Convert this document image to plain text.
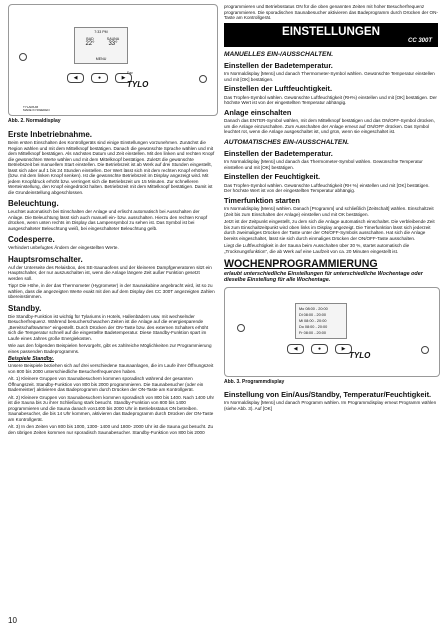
7:33 PM
BAD
22°
SAUNA
33°
MENU
◀	●	▶
Fav
TYLO
TYLARIUM
MADE IN SWEDEN
Abb. 2. Normaldisplay
Erste Inbetriebnahme.

Beim ersten Einschalten des Kontrollgeräts sind einige Einstellungen vorzunehmen. Zunächst die Region wählen und mit dem Mittelknopf bestätigen. Danach die gewünschte Sprache wählen und mit dem Mittelknopf bestätigen. Als nächstes Datum und Zeit einstellen. Mit den linken und rechten Knopf die gewünschten Werte wählen und mit dem Mittelknopf bestätigen. Zuletzt die gewünschte Betriebszeit bei manuellem Start einstellen. Die Betriebszeit ist ab Werk auf drei Stunden eingestellt, lässt sich aber auf 1 bis 24 Stunden einstellen. Der Wert lässt sich mit dem rechten Knopf erhöhen (bzw. mit dem linken Knopf senken). Ist die gewünschte Betriebszeit im Display angezeigt wird. Mit jedem Knopfdruck erhöht bzw. verringert sich die Betriebszeit um 15 Minuten. Zur schnelleren Werteinstellung, den Knopf eingedrückt halten. Betriebszeit mit dem Mittelknopf bestätigen. Damit ist die Grundeinstellung abgeschlossen.

Beleuchtung.

Leuchtet automatisch bei Einschalten der Anlage und erlischt automatisch bei Ausschalten der Anlage. Die Beleuchtung lässt sich auch manuell ein- bzw. ausschalten. Hierzu den rechten Knopf drücken, wenn unten rechts im Display das Lampensymbol zu sehen ist. Das Symbol ist bei ausgeschalteter Beleuchtung weiß, bei eingeschalteter Beleuchtung gelb.

Codesperre.

Verhindert unbefugtes Ändern der eingestellten Werte.

Hauptsromschalter.

Auf der Unterseite des Relaisbox, des SE-Saunaofens und der kleineren Dampfgeneratoren sitzt ein Hauptschalter, der nur auszuschalten ist, wenn die Anlage längere Zeit außer Funktion gesetzt werden soll.

Tipp! Die Höhe, in der das Thermometer (Hygrometer) in der Saunakabine angebracht wird, ist so zu wählen, dass die angezeigten Werte exakt mit den auf dem Display des CC 300T angezeigten Zahlen übereinstimmen.

Standby.

Die Standby-Funktion ist wichtig für Tylariums in Hotels, Hallenbädern usw. mit wechselnder Besucherfrequenz. Während besucherschwachen Zeiten ist die Anlage auf die energiesparende „Bereitschaftswärme“ eingestellt. Durch Drücken der ON-Taste bzw. des externen Schalters erhöht sich die Temperatur schnell auf die eingestellte Badetemperatur. Diese Standby-Funktion spart im Laufe eines Jahres große Energiekosten.

Wie aus den folgenden Beispielen hervorgeht, gibt es zahlreiche Möglichkeiten zur Programmierung eines passenden Badeprogramms.

Beispiele Standby.

Unsere Beispiele beziehen sich auf drei verschiedene Saunaanlagen, die im Laufe ihrer Öffnungszeit von 800 bis 2000 unterschiedliche Besucherfrequenzen haben.

Alt. 1) Kleinere Gruppen von Saunabesuchern kommen sporadisch während der gesamten Öffnungszeit. Standby-Funktion von 800 bis 2000 programmieren. Die Saunabesucher (oder ein Bademeister) aktivieren das Badeprogramm durch Drücken der ON-Taste am Kontrollgerät.

Alt. 2) Kleinere Gruppen von Saunabesuchern kommen sporadisch von 800 bis 1400. Nach 1400 Uhr ist die Sauna bis zu ihrer Schließung stark besucht. Standby-Funktion von 800 bis 1400 programmieren und die Sauna danach von1400 bis 2000 Uhr in Betriebsstatus ON betreiben. Saunabesucher, die bis 14 Uhr kommen, aktivieren das Badeprogramm durch Drücken der ON-Taste am Kontrollgerät.

Alt. 3) In den Zeiten von 800 bis 1000, 1300- 1400 und 1800- 2000 Uhr ist die Sauna gut besucht. Zu den übrigen Zeiten kommen nur sporadisch Saunabesucher. Standby-Funktion von 800 bis 2000

10

programmieren und Betriebsstatus ON für die oben genannten Zeiten mit hoher Besucherfrequenz programmieren. Die sporadischen Saunabesucher aktivieren das Badeprogramm durch Drücken der ON-Taste am Kontrollgerät.

EINSTELLUNGEN
CC 300T
MANUELLES EIN-/AUSSCHALTEN.
Einstellen der Badetemperatur.

Im Normaldisplay [Menü] und danach Thermometer-Symbol wählen. Gewünschte Temperatur einstellen und mit [OK] bestätigen.

Einstellen der Luftfeuchtigkeit.

Das Tropfen-Symbol wählen. Gewünschte Luftfeuchtigkeit (RH%) einstellen und mit [OK] bestätigen. Der höchste Wert ist von der eingestellten Temperatur abhängig.

Anlage einschalten

Danach das ENTER-Symbol wählen, mit dem Mittelknopf bestätigen und das ON/OFF-Symbol drücken, um die Anlage einzuschalten. Zum Ausschalten der Anlage erneut auf ON/OFF drücken. Das Symbol leuchtet rot, wenn die Anlage ausgeschaltet ist, und grün, wenn sie eingeschaltet ist.

AUTOMATISCHES EIN-/AUSSCHALTEN.
Einstellen der Badetemperatur.

Im Normaldisplay [Menü] und danach das Thermometer-Symbol wählen. Gewünschte Temperatur einstellen und mit [OK] bestätigen.

Einstellen der Feuchtigkeit.

Das Tropfen-Symbol wählen. Gewünschte Luftfeuchtigkeit (RH %) einstellen und mit [OK] bestätigen. Der höchste Wert ist von der eingestellten Temperatur abhängig.

Timerfunktion starten

Im Normaldisplay [Menü] wählen. Danach [Programm] und schließlich [Zeitschalt] wählen. Einschaltzeit (Zeit bis zum Einschalten der Anlage) einstellen und mit OK bestätigen.

Jetzt ist der Zeitpunkt eingestellt, zu dem sich die Anlage automatisch einschaltet. Die verbleibende Zeit bis zum Einschaltzeitpunkt wird oben links im Display angezeigt. Die Timerfunktion lässt sich jederzeit durch zweimaliges Drücken der Taste unter der ON/OFF-Symbols ausschalten. Hat sich die Anlage bereits eingeschaltet, lässt sie sich durch einmaliges Drücken der ON/OFF-Taste ausschalten.

Liegt die Luftfeuchtigkeit in der Sauna beim Ausschalten über 30 %, startet automatisch die „Trocknungsfunktion“, die ab Werk auf eine Laufzeit von ca. 20 Minuten eingestellt ist.

WOCHENPROGRAMMIERUNG
erlaubt unterschiedliche Einstellungen für unterschiedliche Wochentage oder dieselbe Einstellung für alle Wochentage.
Mo 08:00 - 20:00
Di 08:00 - 20:00
Mi 08:00 - 20:00
Do 08:00 - 20:00
Fr 08:00 - 20:00
◀	●	▶
TYLO
Abb. 3. Programmdisplay
Einstellung von Ein/Aus/Standby, Temperatur/Feuchtigkeit.

Im Normaldisplay [Menü] und danach Programm wählen. Im Programmdisplay erneut Programm wählen (siehe Abb. 3). Auf [OK]
